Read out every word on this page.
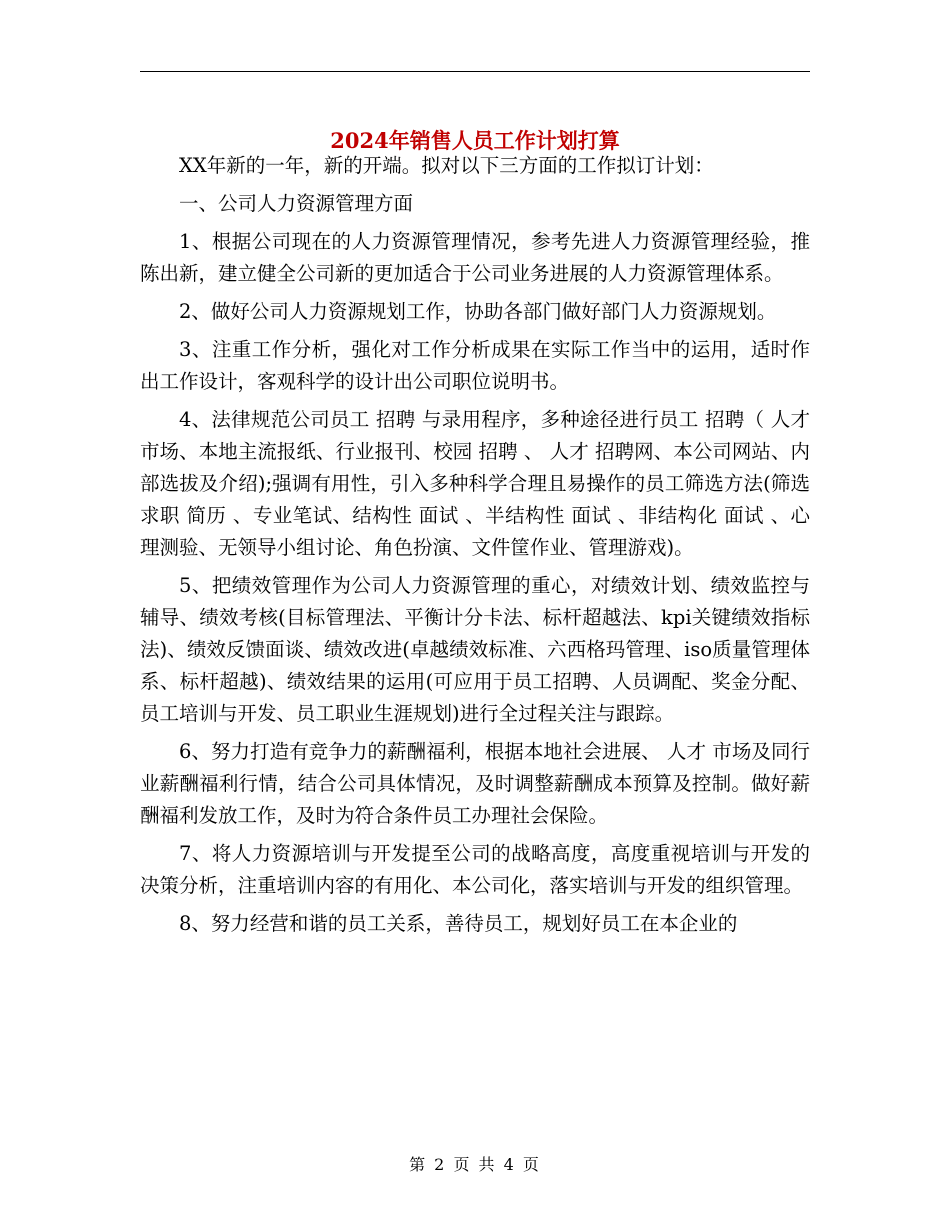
2024年销售人员工作计划打算

XX年新的一年，新的开端。拟对以下三方面的工作拟订计划：

一、公司人力资源管理方面

1、根据公司现在的人力资源管理情况，参考先进人力资源管理经验，推陈出新，建立健全公司新的更加适合于公司业务进展的人力资源管理体系。

2、做好公司人力资源规划工作，协助各部门做好部门人力资源规划。

3、注重工作分析，强化对工作分析成果在实际工作当中的运用，适时作出工作设计，客观科学的设计出公司职位说明书。

4、法律规范公司员工 招聘 与录用程序，多种途径进行员工 招聘（ 人才 市场、本地主流报纸、行业报刊、校园 招聘 、 人才 招聘网、本公司网站、内部选拔及介绍);强调有用性，引入多种科学合理且易操作的员工筛选方法(筛选 求职 简历 、专业笔试、结构性 面试 、半结构性 面试 、非结构化 面试 、心理测验、无领导小组讨论、角色扮演、文件筐作业、管理游戏)。

5、把绩效管理作为公司人力资源管理的重心，对绩效计划、绩效监控与辅导、绩效考核(目标管理法、平衡计分卡法、标杆超越法、kpi关键绩效指标法)、绩效反馈面谈、绩效改进(卓越绩效标准、六西格玛管理、iso质量管理体系、标杆超越)、绩效结果的运用(可应用于员工招聘、人员调配、奖金分配、员工培训与开发、员工职业生涯规划)进行全过程关注与跟踪。

6、努力打造有竞争力的薪酬福利，根据本地社会进展、 人才 市场及同行业薪酬福利行情，结合公司具体情况，及时调整薪酬成本预算及控制。做好薪酬福利发放工作，及时为符合条件员工办理社会保险。

7、将人力资源培训与开发提至公司的战略高度，高度重视培训与开发的决策分析，注重培训内容的有用化、本公司化，落实培训与开发的组织管理。

8、努力经营和谐的员工关系，善待员工，规划好员工在本企业的

第 2 页 共 4 页
